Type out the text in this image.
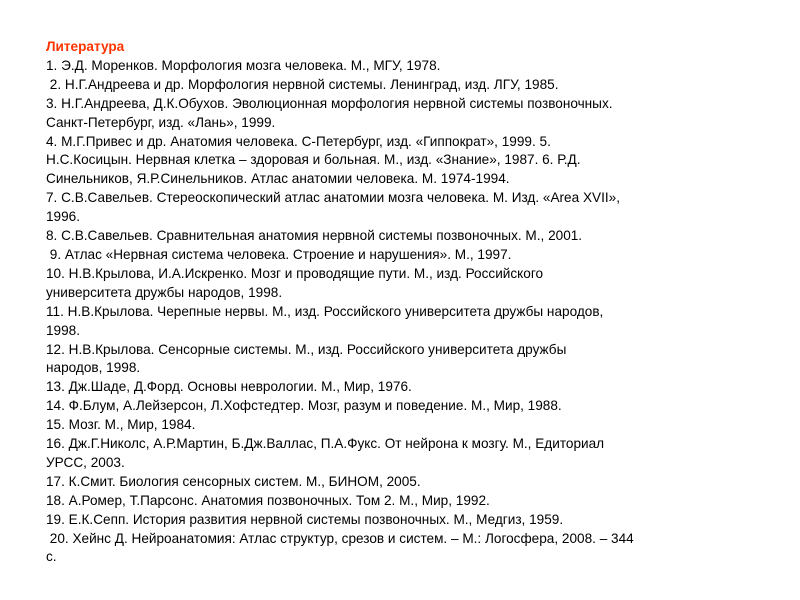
Литература
1. Э.Д. Моренков. Морфология мозга человека. М., МГУ, 1978.
2. Н.Г.Андреева и др. Морфология нервной системы. Ленинград, изд. ЛГУ, 1985.
3. Н.Г.Андреева, Д.К.Обухов. Эволюционная морфология нервной системы позвоночных.
Санкт-Петербург, изд. «Лань», 1999.
4. М.Г.Привес и др. Анатомия человека. С-Петербург, изд. «Гиппократ», 1999. 5.
Н.С.Косицын. Нервная клетка – здоровая и больная. М., изд. «Знание», 1987. 6. Р.Д.
Синельников, Я.Р.Синельников. Атлас анатомии человека. М. 1974-1994.
7. С.В.Савельев. Стереоскопический атлас анатомии мозга человека. М. Изд. «Area XVII»,
1996.
8. С.В.Савельев. Сравнительная анатомия нервной системы позвоночных. М., 2001.
9. Атлас «Нервная система человека. Строение и нарушения». М., 1997.
10. Н.В.Крылова, И.А.Искренко. Мозг и проводящие пути. М., изд. Российского
университета дружбы народов, 1998.
11. Н.В.Крылова. Черепные нервы. М., изд. Российского университета дружбы народов,
1998.
12. Н.В.Крылова. Сенсорные системы. М., изд. Российского университета дружбы
народов, 1998.
13. Дж.Шаде, Д.Форд. Основы неврологии. М., Мир, 1976.
14. Ф.Блум, А.Лейзерсон, Л.Хофстедтер. Мозг, разум и поведение. М., Мир, 1988.
15. Мозг. М., Мир, 1984.
16. Дж.Г.Николс, А.Р.Мартин, Б.Дж.Валлас, П.А.Фукс. От нейрона к мозгу. М., Едиториал
УРСС, 2003.
17. К.Смит. Биология сенсорных систем. М., БИНОМ, 2005.
18. А.Ромер, Т.Парсонс. Анатомия позвоночных. Том 2. М., Мир, 1992.
19. Е.К.Сепп. История развития нервной системы позвоночных. М., Медгиз, 1959.
20. Хейнс Д. Нейроанатомия: Атлас структур, срезов и систем. – М.: Логосфера, 2008. – 344
с.
